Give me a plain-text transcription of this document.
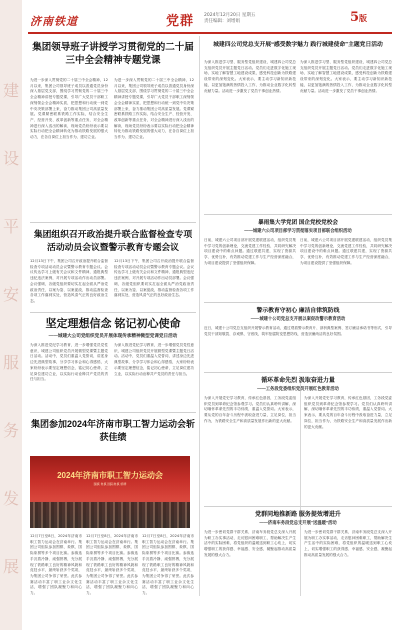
建
设
平
安
服
务
发
展
济南铁道	党群 2024年12月20日 星期五
责任编辑：刘增娟	5版
集团领导班子讲授学习贯彻党的二十届三中全会精神专题党课
为进一步深入贯彻党的二十届三中全会精神，12月以来，集团公司领导班子成员以普通党员身份深入基层党支部，围绕学习贯彻党的二十届三中全会精神讲授专题党课，引导广大党员干部职工深刻领会全会精神实质，把思想和行动统一到党中央决策部署上来，奋力推动集团公司高质量发展。党课紧密联系铁路工作实际，结合安全生产、经营开发、改革创新等重点任务，对全会精神进行深入浅出的解读，现场党员纷纷表示要以实际行动把全会精神转化为推动铁路发展的强大动力，在各自岗位上担当作为、建功立业。
为进一步深入贯彻党的二十届三中全会精神，12月以来，集团公司领导班子成员以普通党员身份深入基层党支部，围绕学习贯彻党的二十届三中全会精神讲授专题党课，引导广大党员干部职工深刻领会全会精神实质，把思想和行动统一到党中央决策部署上来，奋力推动集团公司高质量发展。党课紧密联系铁路工作实际，结合安全生产、经营开发、改革创新等重点任务，对全会精神进行深入浅出的解读，现场党员纷纷表示要以实际行动把全会精神转化为推动铁路发展的强大动力，在各自岗位上担当作为、建功立业。
集团组织召开政治提升联合监督检查专项活动动员会议暨警示教育专题会议
12月13日下午，集团公司召开政治提升联合监督检查专项活动动员会议暨警示教育专题会议。会议传达学习上级有关会议和文件精神，通报典型违纪违法案例，对开展专项活动作出动员部署。会议强调，各级党组织要切实扛起全面从严治党政治责任，以案为鉴、以案促改，推动监督检查各项工作落到实处，营造风清气正的良好政治生态。
12月13日下午，集团公司召开政治提升联合监督检查专项活动动员会议暨警示教育专题会议。会议传达学习上级有关会议和文件精神，通报典型违纪违法案例，对开展专项活动作出动员部署。会议强调，各级党组织要切实扛起全面从严治党政治责任，以案为鉴、以案促改，推动监督检查各项工作落到实处，营造风清气正的良好政治生态。
坚定理想信念 铭记初心使命
——城建大公司党组织党员开展体现传承精神微型党课党日活动
为深入推进党纪学习教育，进一步增强党员党性意识，城建公司组织党员开展微型党课暨主题党日活动。活动中，党员们重温入党誓词，讲述身边先进典型故事，分享学习体会和心得感悟，大家纷纷表示要坚定理想信念，铭记初心使命，立足岗位建功立业，以实际行动诠释共产党员的责任与担当。
为深入推进党纪学习教育，进一步增强党员党性意识，城建公司组织党员开展微型党课暨主题党日活动。活动中，党员们重温入党誓词，讲述身边先进典型故事，分享学习体会和心得感悟，大家纷纷表示要坚定理想信念，铭记初心使命，立足岗位建功立业，以实际行动诠释共产党员的责任与担当。
集团参加2024年济南市职工智力运动会斩获佳绩
2024年济南市职工智力运动会
围棋 象棋 国际象棋 桥牌
12月7日至8日，2024年济南市职工智力运动会在济南举行。集团公司组队参加围棋、象棋、国际象棋等多个项目比赛。参赛选手沉着冷静、顽强拼搏，充分展现了铁路职工良好的精神风貌和竞技水平，最终斩获多个奖项，为集团公司争得了荣誉。此次参赛活动丰富了职工业余文化生活，增强了团队凝聚力和向心力。
12月7日至8日，2024年济南市职工智力运动会在济南举行。集团公司组队参加围棋、象棋、国际象棋等多个项目比赛。参赛选手沉着冷静、顽强拼搏，充分展现了铁路职工良好的精神风貌和竞技水平，最终斩获多个奖项，为集团公司争得了荣誉。此次参赛活动丰富了职工业余文化生活，增强了团队凝聚力和向心力。
12月7日至8日，2024年济南市职工智力运动会在济南举行。集团公司组队参加围棋、象棋、国际象棋等多个项目比赛。参赛选手沉着冷静、顽强拼搏，充分展现了铁路职工良好的精神风貌和竞技水平，最终斩获多个奖项，为集团公司争得了荣誉。此次参赛活动丰富了职工业余文化生活，增强了团队凝聚力和向心力。
城建四公司党总支开展“感受数字魅力 践行城建使命”主题党日活动
为深入推进学习型、服务型党组织建设，城建四公司党总支组织党员开展主题党日活动。党员们走进数字化施工现场，实地了解智慧工地建设成果，感受科技创新为铁路建设带来的深刻变化。大家表示，要主动学习新知识新技能，以更加饱满的热情投入工作，为推动企业数字化转型贡献力量。活动进一步激发了党员干事创业热情。
为深入推进学习型、服务型党组织建设，城建四公司党总支组织党员开展主题党日活动。党员们走进数字化施工现场，实地了解智慧工地建设成果，感受科技创新为铁路建设带来的深刻变化。大家表示，要主动学习新知识新技能，以更加饱满的热情投入工作，为推动企业数字化转型贡献力量。活动进一步激发了党员干事创业热情。
暴雨集大学党团 国企党校党校会
——城建六公司项目部学习贯彻落实项目部联合组织活动
日前，城建六公司项目部开展党建联建活动，组织党员集中学习党的创新理论，交流党建工作经验，共同研究解决项目建设中的难点问题。通过联建共建，实现了资源共享、优势互补，有效推动党建工作与生产经营深度融合，为项目建设提供了坚强组织保障。
日前，城建六公司项目部开展党建联建活动，组织党员集中学习党的创新理论，交流党建工作经验，共同研究解决项目建设中的难点问题。通过联建共建，实现了资源共享、优势互补，有效推动党建工作与生产经营深度融合，为项目建设提供了坚强组织保障。
警示教育守初心 廉洁自律筑防线
——城建十公司党总支开展以案促改警示教育活动
近日，城建十公司党总支组织开展警示教育活动，通过观看警示教育片、剖析典型案例、签订廉洁承诺书等形式，引导党员干部知敬畏、存戒惧、守底线，筑牢拒腐防变思想防线，营造崇廉尚洁的良好氛围。
循环革命先烈 汲取奋进力量
——工务段党委组织党员开展红色教育活动
为深入开展党史学习教育，传承红色基因，工务段党委组织党员到革命纪念馆参观学习。党员们认真聆听讲解，深切缅怀革命先烈的丰功伟绩，重温入党誓词。大家表示，要从党的百年奋斗历程中汲取奋进力量，立足岗位，担当作为，为铁路安全生产和高质量发展作出新的更大贡献。
为深入开展党史学习教育，传承红色基因，工务段党委组织党员到革命纪念馆参观学习。党员们认真聆听讲解，深切缅怀革命先烈的丰功伟绩，重温入党誓词。大家表示，要从党的百年奋斗历程中汲取奋进力量，立足岗位，担当作为，为铁路安全生产和高质量发展作出新的更大贡献。
党群同地推新路 服务提效增进升
——济南车务段党总支开展“送温暖”活动
为进一步密切党群干群关系，济南车务段党总支深入开展为职工办实事活动，走访慰问困难职工，帮助解决生产生活中的实际困难，将党组织的温暖送到职工心坎上，切实增强职工的获得感、幸福感、安全感，凝聚起推动高质量发展的强大合力。
为进一步密切党群干群关系，济南车务段党总支深入开展为职工办实事活动，走访慰问困难职工，帮助解决生产生活中的实际困难，将党组织的温暖送到职工心坎上，切实增强职工的获得感、幸福感、安全感，凝聚起推动高质量发展的强大合力。
